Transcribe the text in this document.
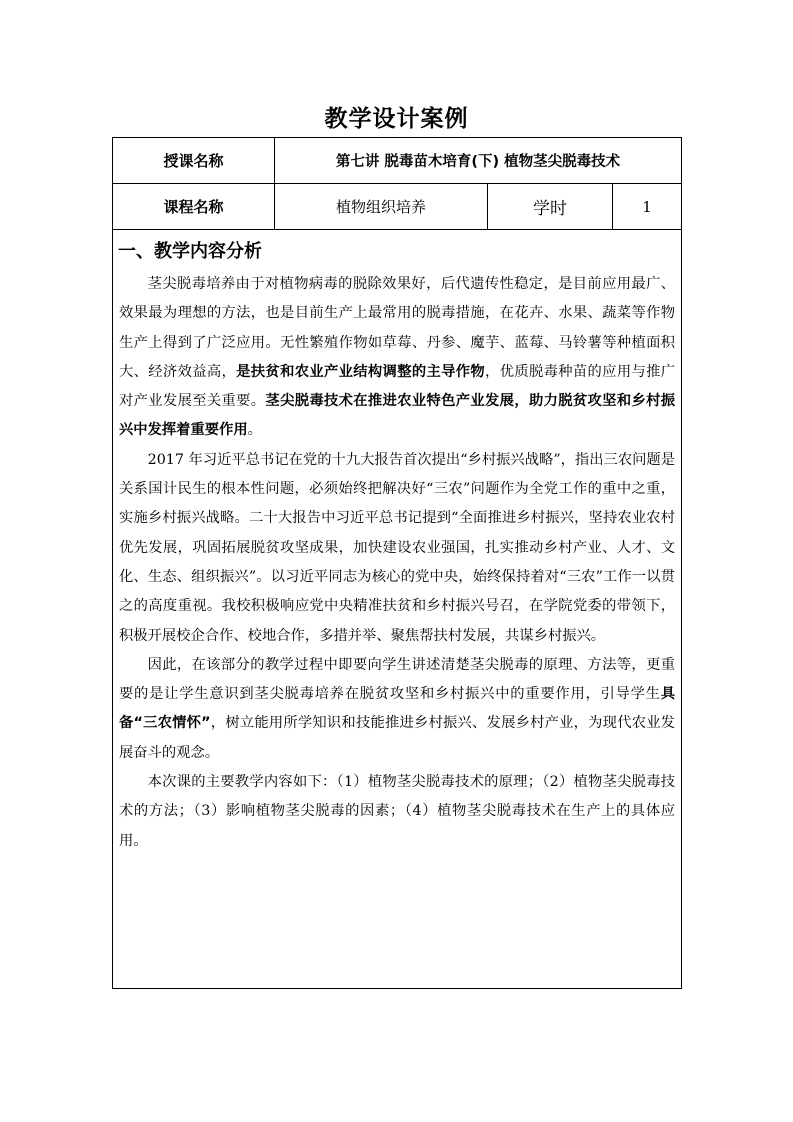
教学设计案例
授课名称	第七讲 脱毒苗木培育(下) 植物茎尖脱毒技术		
课程名称	植物组织培养	学时	1

一、教学内容分析

茎尖脱毒培养由于对植物病毒的脱除效果好，后代遗传性稳定，是目前应用最广、效果最为理想的方法，也是目前生产上最常用的脱毒措施，在花卉、水果、蔬菜等作物生产上得到了广泛应用。无性繁殖作物如草莓、丹参、魔芋、蓝莓、马铃薯等种植面积大、经济效益高，是扶贫和农业产业结构调整的主导作物，优质脱毒种苗的应用与推广对产业发展至关重要。茎尖脱毒技术在推进农业特色产业发展，助力脱贫攻坚和乡村振兴中发挥着重要作用。

2017 年习近平总书记在党的十九大报告首次提出“乡村振兴战略”，指出三农问题是关系国计民生的根本性问题，必须始终把解决好“三农”问题作为全党工作的重中之重，实施乡村振兴战略。二十大报告中习近平总书记提到“全面推进乡村振兴，坚持农业农村优先发展，巩固拓展脱贫攻坚成果，加快建设农业强国，扎实推动乡村产业、人才、文化、生态、组织振兴”。以习近平同志为核心的党中央，始终保持着对“三农”工作一以贯之的高度重视。我校积极响应党中央精准扶贫和乡村振兴号召，在学院党委的带领下，积极开展校企合作、校地合作，多措并举、聚焦帮扶村发展，共谋乡村振兴。

因此，在该部分的教学过程中即要向学生讲述清楚茎尖脱毒的原理、方法等，更重要的是让学生意识到茎尖脱毒培养在脱贫攻坚和乡村振兴中的重要作用，引导学生具备“三农情怀”，树立能用所学知识和技能推进乡村振兴、发展乡村产业，为现代农业发展奋斗的观念。

本次课的主要教学内容如下：（1）植物茎尖脱毒技术的原理；（2）植物茎尖脱毒技术的方法；（3）影响植物茎尖脱毒的因素；（4）植物茎尖脱毒技术在生产上的具体应用。			
